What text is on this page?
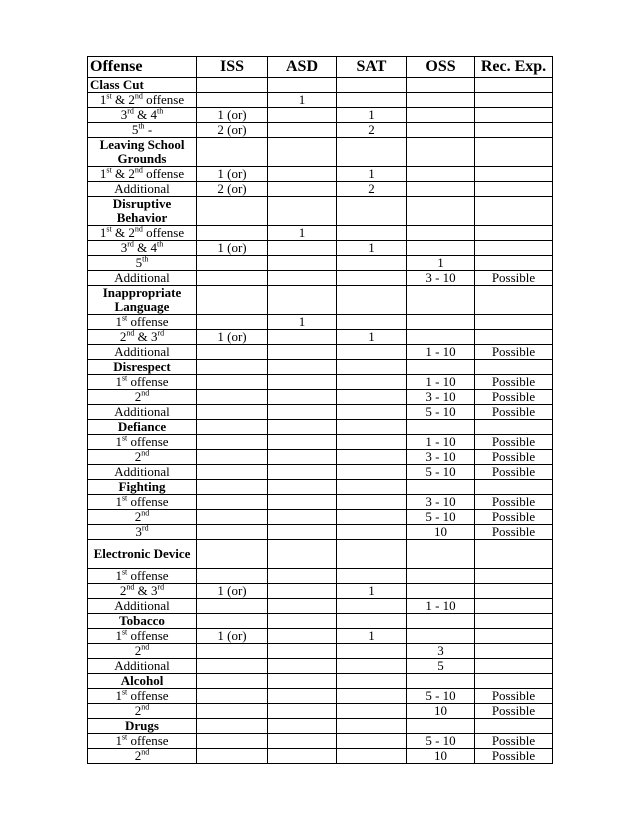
Offense	ISS	ASD	SAT	OSS	Rec. Exp.
Class Cut					
1st & 2nd offense		1			
3rd & 4th	1 (or)		1		
5th -	2 (or)		2		
Leaving School Grounds					
1st & 2nd offense	1 (or)		1		
Additional	2 (or)		2		
Disruptive Behavior					
1st & 2nd offense		1			
3rd & 4th	1 (or)		1		
5th				1	
Additional				3 - 10	Possible
Inappropriate Language					
1st offense		1			
2nd & 3rd	1 (or)		1		
Additional				1 - 10	Possible
Disrespect					
1st offense				1 - 10	Possible
2nd				3 - 10	Possible
Additional				5 - 10	Possible
Defiance					
1st offense				1 - 10	Possible
2nd				3 - 10	Possible
Additional				5 - 10	Possible
Fighting					
1st offense				3 - 10	Possible
2nd				5 - 10	Possible
3rd				10	Possible
Electronic Device					
1st offense					
2nd & 3rd	1 (or)		1		
Additional				1 - 10	
Tobacco					
1st offense	1 (or)		1		
2nd				3	
Additional				5	
Alcohol					
1st offense				5 - 10	Possible
2nd				10	Possible
Drugs					
1st offense				5 - 10	Possible
2nd				10	Possible
